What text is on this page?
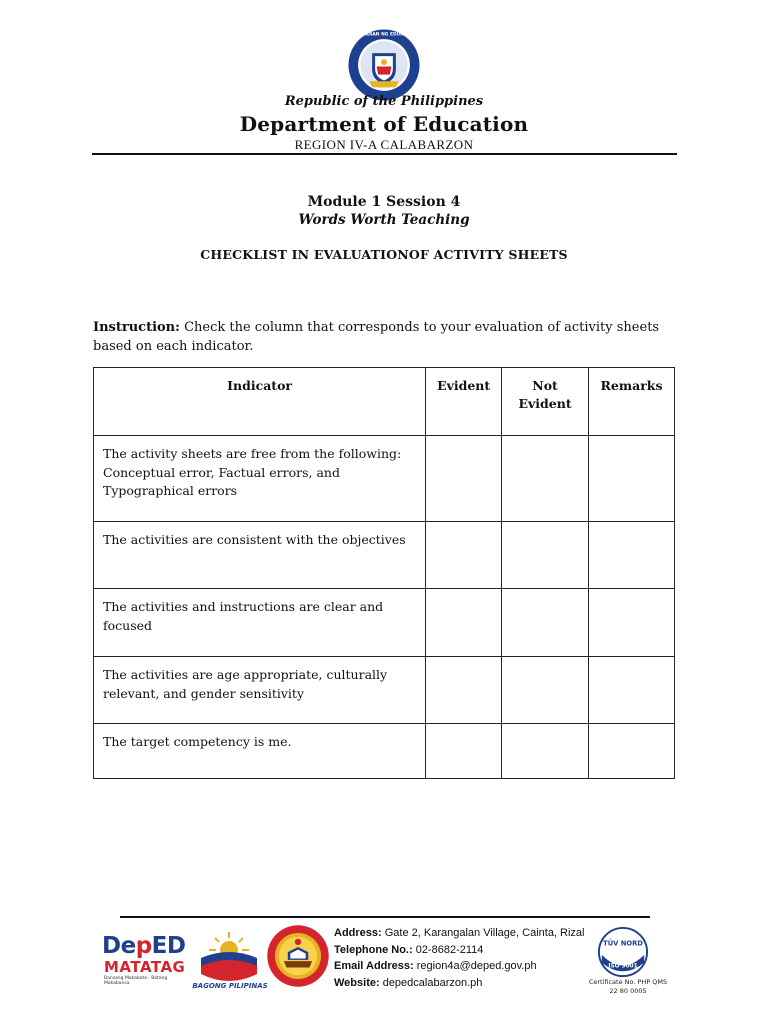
KAGAWARAN NG EDUKASYON
Republic of the Philippines
Department of Education
REGION IV-A CALABARZON
Module 1 Session 4
Words Worth Teaching
CHECKLIST IN EVALUATIONOF ACTIVITY SHEETS
Instruction: Check the column that corresponds to your evaluation of activity sheets based on each indicator.
Indicator	Evident	Not Evident	Remarks
The activity sheets are free from the following: Conceptual error, Factual errors, and Typographical errors			
The activities are consistent with the objectives			
The activities and instructions are clear and focused			
The activities are age appropriate, culturally relevant, and gender sensitivity			
The target competency is me.			
DepED
MATATAG
Bansang Makabata · Batang Makabansa	BAGONG PILIPINAS
Address: Gate 2, Karangalan Village, Cainta, Rizal
Telephone No.: 02-8682-2114
Email Address: region4a@deped.gov.ph
Website: depedcalabarzon.ph
TÜV NORD
ISO 9001
Certificate No. PHP QMS
22 80 0005
